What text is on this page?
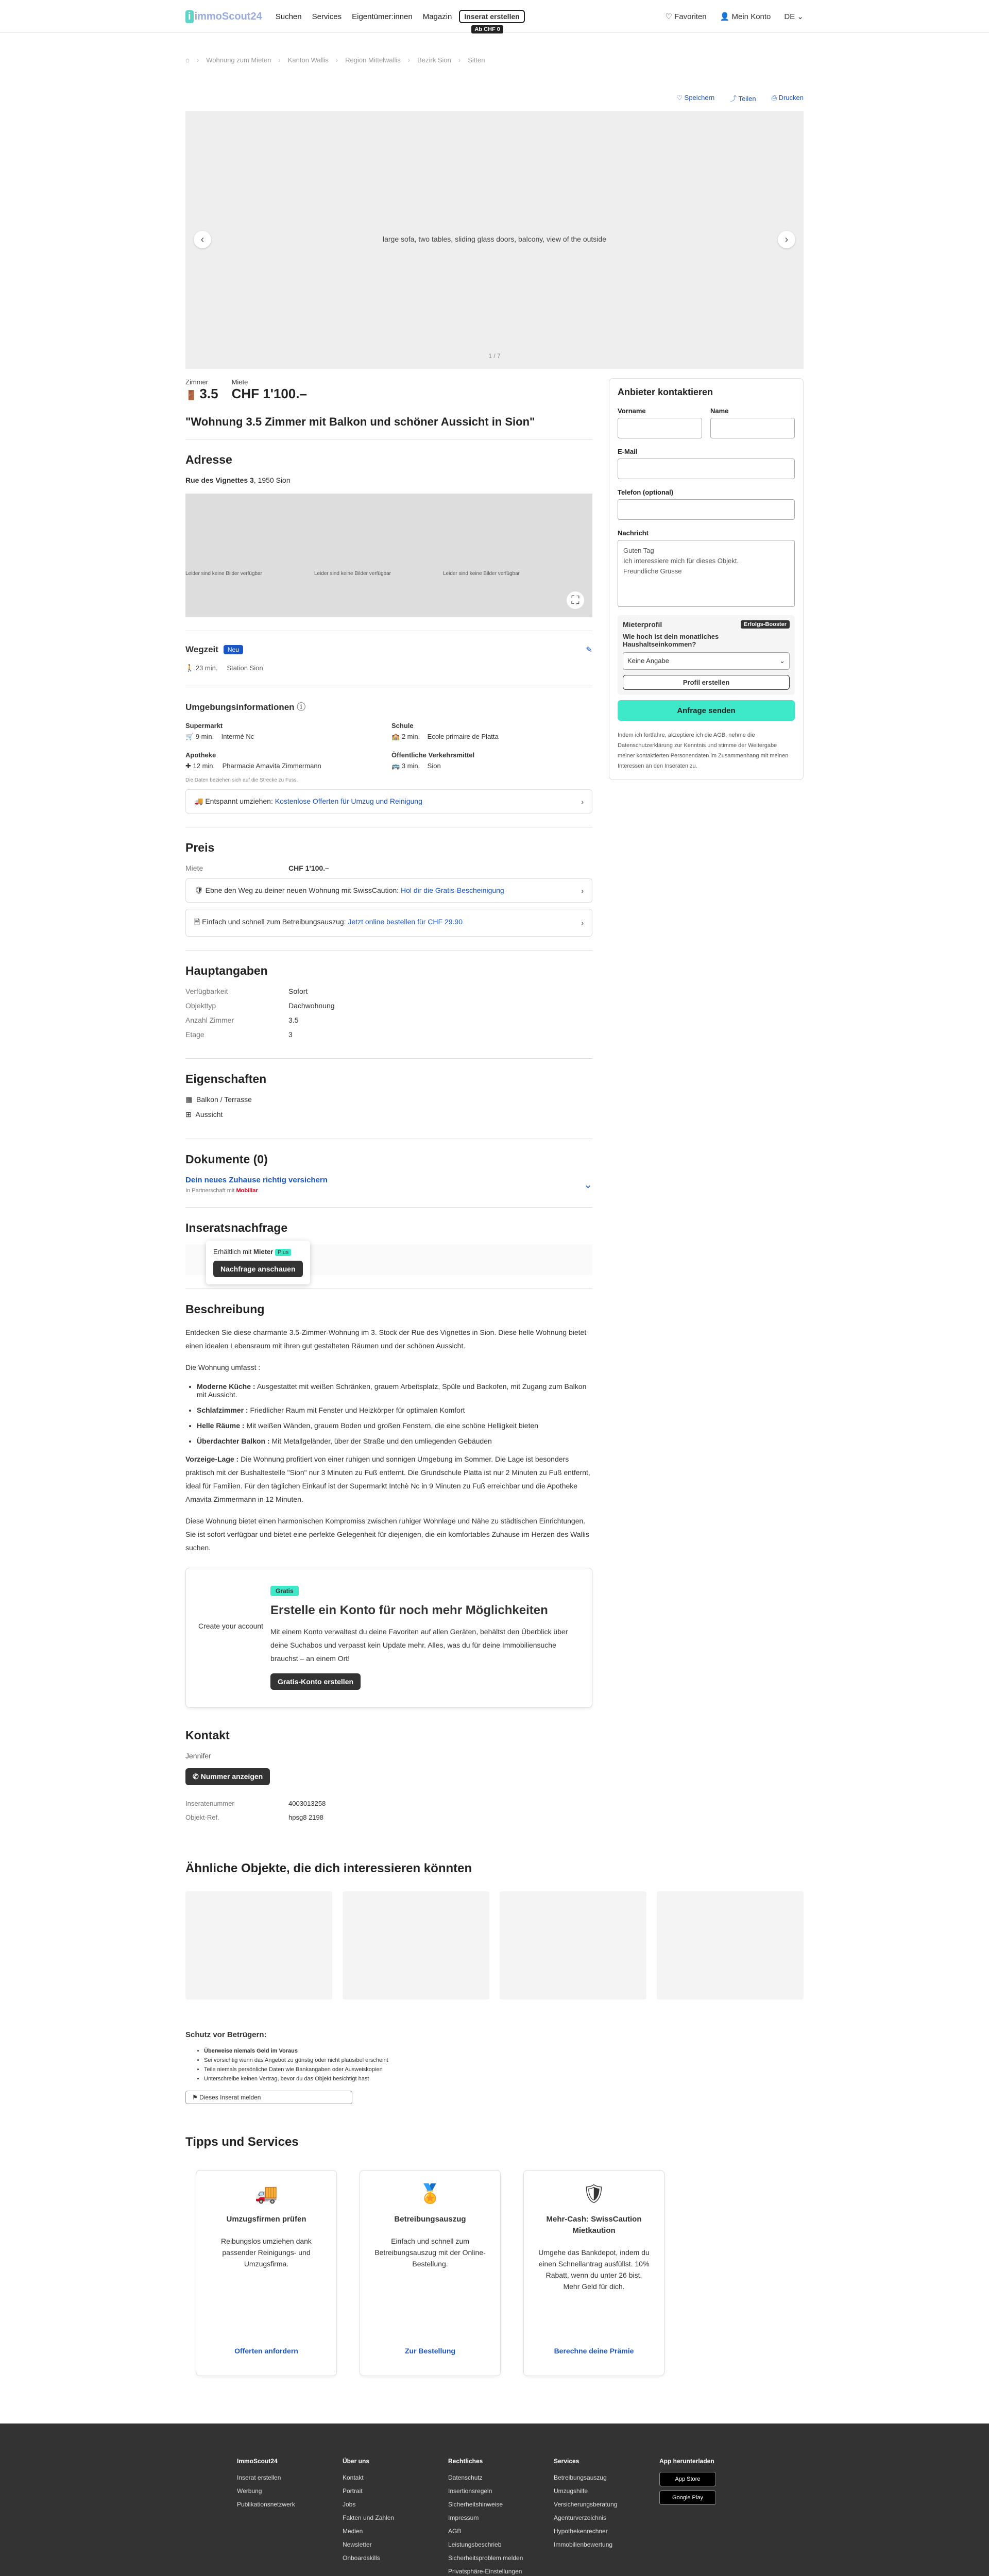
i immoScout24 Suchen Services Eigentümer:innen Magazin	Inserat erstellen
Ab CHF 0
♡ Favoriten 👤 Mein Konto DE ⌄
⌂ › Wohnung zum Mieten › Kanton Wallis › Region Mittelwallis › Bezirk Sion › Sitten
♡ Speichern ⤴ Teilen ⎙ Drucken
large sofa, two tables, sliding glass doors, balcony, view of the outside
‹	›
1 / 7
Zimmer
🚪 3.5
Miete
CHF 1'100.–
"Wohnung 3.5 Zimmer mit Balkon und schöner Aussicht in Sion"
Adresse
Rue des Vignettes 3, 1950 Sion
Leider sind keine Bilder verfügbar	Leider sind keine Bilder verfügbar	Leider sind keine Bilder verfügbar
⛶
Wegzeit	Neu	✎
🚶 23 min. Station Sion
Umgebungsinformationen ⓘ
Supermarkt
🛒 9 min. Intermé Nc
Schule
🏫 2 min. Ecole primaire de Platta
Apotheke
✚ 12 min. Pharmacie Amavita Zimmermann
Öffentliche Verkehrsmittel
🚌 3 min. Sion
Die Daten beziehen sich auf die Strecke zu Fuss.
🚚 Entspannt umziehen: Kostenlose Offerten für Umzug und Reinigung	›
Preis
Miete	CHF 1'100.–
🛡 Ebne den Weg zu deiner neuen Wohnung mit SwissCaution: Hol dir die Gratis-Bescheinigung	›
🗎 Einfach und schnell zum Betreibungsauszug: Jetzt online bestellen für CHF 29.90	›
Hauptangaben
Verfügbarkeit	Sofort
Objekttyp	Dachwohnung
Anzahl Zimmer	3.5
Etage	3
Eigenschaften
▦ Balkon / Terrasse
⊞ Aussicht
Dokumente (0)
Dein neues Zuhause richtig versichern
In Partnerschaft mit Mobiliar	⌄
Inseratsnachfrage
Erhältlich mit Mieter Plus
Nachfrage anschauen
Beschreibung

Entdecken Sie diese charmante 3.5-Zimmer-Wohnung im 3. Stock der Rue des Vignettes in Sion. Diese helle Wohnung bietet einen idealen Lebensraum mit ihren gut gestalteten Räumen und der schönen Aussicht.

Die Wohnung umfasst :

• Moderne Küche : Ausgestattet mit weißen Schränken, grauem Arbeitsplatz, Spüle und Backofen, mit Zugang zum Balkon mit Aussicht.
• Schlafzimmer : Friedlicher Raum mit Fenster und Heizkörper für optimalen Komfort
• Helle Räume : Mit weißen Wänden, grauem Boden und großen Fenstern, die eine schöne Helligkeit bieten
• Überdachter Balkon : Mit Metallgeländer, über der Straße und den umliegenden Gebäuden

Vorzeige-Lage : Die Wohnung profitiert von einer ruhigen und sonnigen Umgebung im Sommer. Die Lage ist besonders praktisch mit der Bushaltestelle "Sion" nur 3 Minuten zu Fuß entfernt. Die Grundschule Platta ist nur 2 Minuten zu Fuß entfernt, ideal für Familien. Für den täglichen Einkauf ist der Supermarkt Intchè Nc in 9 Minuten zu Fuß erreichbar und die Apotheke Amavita Zimmermann in 12 Minuten.

Diese Wohnung bietet einen harmonischen Kompromiss zwischen ruhiger Wohnlage und Nähe zu städtischen Einrichtungen. Sie ist sofort verfügbar und bietet eine perfekte Gelegenheit für diejenigen, die ein komfortables Zuhause im Herzen des Wallis suchen.

Create your account
Gratis
Erstelle ein Konto für noch mehr Möglichkeiten

Mit einem Konto verwaltest du deine Favoriten auf allen Geräten, behältst den Überblick über deine Suchabos und verpasst kein Update mehr. Alles, was du für deine Immobiliensuche brauchst – an einem Ort!

Gratis-Konto erstellen
Kontakt
Jennifer
✆ Nummer anzeigen
Inseratenummer	4003013258
Objekt-Ref.	hpsg8 2198
Anbieter kontaktieren
Vorname	Name
E-Mail
Telefon (optional)
Nachricht
Guten Tag
Ich interessiere mich für dieses Objekt.
Freundliche Grüsse
Mieterprofil	Erfolgs-Booster
Wie hoch ist dein monatliches Haushaltseinkommen?
Keine Angabe	⌄
Profil erstellen
Anfrage senden

Indem ich fortfahre, akzeptiere ich die AGB, nehme die Datenschutzerklärung zur Kenntnis und stimme der Weitergabe meiner kontaktierten Personendaten im Zusammenhang mit meinen Interessen an den Inseraten zu.

Ähnliche Objekte, die dich interessieren könnten
Schutz vor Betrügern:
• Überweise niemals Geld im Voraus
• Sei vorsichtig wenn das Angebot zu günstig oder nicht plausibel erscheint
• Teile niemals persönliche Daten wie Bankangaben oder Ausweiskopien
• Unterschreibe keinen Vertrag, bevor du das Objekt besichtigt hast
⚑ Dieses Inserat melden
Tipps und Services
🚚
Umzugsfirmen prüfen
Reibungslos umziehen dank passender Reinigungs- und Umzugsfirma.
Offerten anfordern
🏅
Betreibungsauszug
Einfach und schnell zum Betreibungsauszug mit der Online-Bestellung.
Zur Bestellung
🛡
Mehr-Cash: SwissCaution Mietkaution
Umgehe das Bankdepot, indem du einen Schnellantrag ausfüllst. 10% Rabatt, wenn du unter 26 bist. Mehr Geld für dich.
Berechne deine Prämie
ImmoScout24
Inserat erstellen
Werbung
Publikationsnetzwerk
Über uns
Kontakt
Portrait
Jobs
Fakten und Zahlen
Medien
Newsletter
Onboardskills
Rechtliches
Datenschutz
Insertionsregeln
Sicherheitshinweise
Impressum
AGB
Leistungsbeschrieb
Sicherheitsproblem melden
Privatsphäre-Einstellungen
Services
Betreibungsauszug
Umzugshilfe
Versicherungsberatung
Agenturverzeichnis
Hypothekenrechner
Immobilienbewertung
App herunterladen
App Store
Google Play
